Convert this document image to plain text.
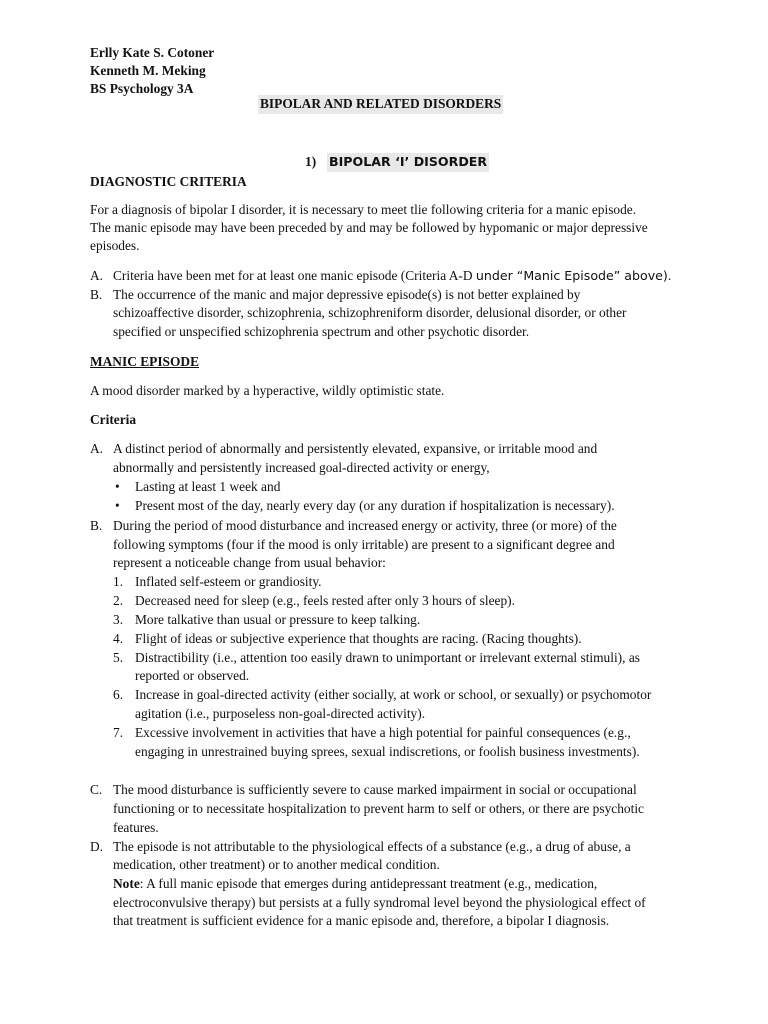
Erlly Kate S. Cotoner

Kenneth M. Meking

BS Psychology 3A

BIPOLAR AND RELATED DISORDERS

1) BIPOLAR ‘I’ DISORDER

DIAGNOSTIC CRITERIA

For a diagnosis of bipolar I disorder, it is necessary to meet tlie following criteria for a manic episode.

The manic episode may have been preceded by and may be followed by hypomanic or major depressive

episodes.

A. Criteria have been met for at least one manic episode (Criteria A-D under “Manic Episode” above).
B. The occurrence of the manic and major depressive episode(s) is not better explained by

schizoaffective disorder, schizophrenia, schizophreniform disorder, delusional disorder, or other

specified or unspecified schizophrenia spectrum and other psychotic disorder.

MANIC EPISODE

A mood disorder marked by a hyperactive, wildly optimistic state.

Criteria

A. A distinct period of abnormally and persistently elevated, expansive, or irritable mood and

abnormally and persistently increased goal-directed activity or energy,

• Lasting at least 1 week and
• Present most of the day, nearly every day (or any duration if hospitalization is necessary).
B. During the period of mood disturbance and increased energy or activity, three (or more) of the

following symptoms (four if the mood is only irritable) are present to a significant degree and

represent a noticeable change from usual behavior:

1. Inflated self-esteem or grandiosity.
2. Decreased need for sleep (e.g., feels rested after only 3 hours of sleep).
3. More talkative than usual or pressure to keep talking.
4. Flight of ideas or subjective experience that thoughts are racing. (Racing thoughts).
5. Distractibility (i.e., attention too easily drawn to unimportant or irrelevant external stimuli), as

reported or observed.

6. Increase in goal-directed activity (either socially, at work or school, or sexually) or psychomotor

agitation (i.e., purposeless non-goal-directed activity).

7. Excessive involvement in activities that have a high potential for painful consequences (e.g.,

engaging in unrestrained buying sprees, sexual indiscretions, or foolish business investments).

C. The mood disturbance is sufficiently severe to cause marked impairment in social or occupational

functioning or to necessitate hospitalization to prevent harm to self or others, or there are psychotic

features.

D. The episode is not attributable to the physiological effects of a substance (e.g., a drug of abuse, a

medication, other treatment) or to another medical condition.

Note: A full manic episode that emerges during antidepressant treatment (e.g., medication,

electroconvulsive therapy) but persists at a fully syndromal level beyond the physiological effect of

that treatment is sufficient evidence for a manic episode and, therefore, a bipolar I diagnosis.
